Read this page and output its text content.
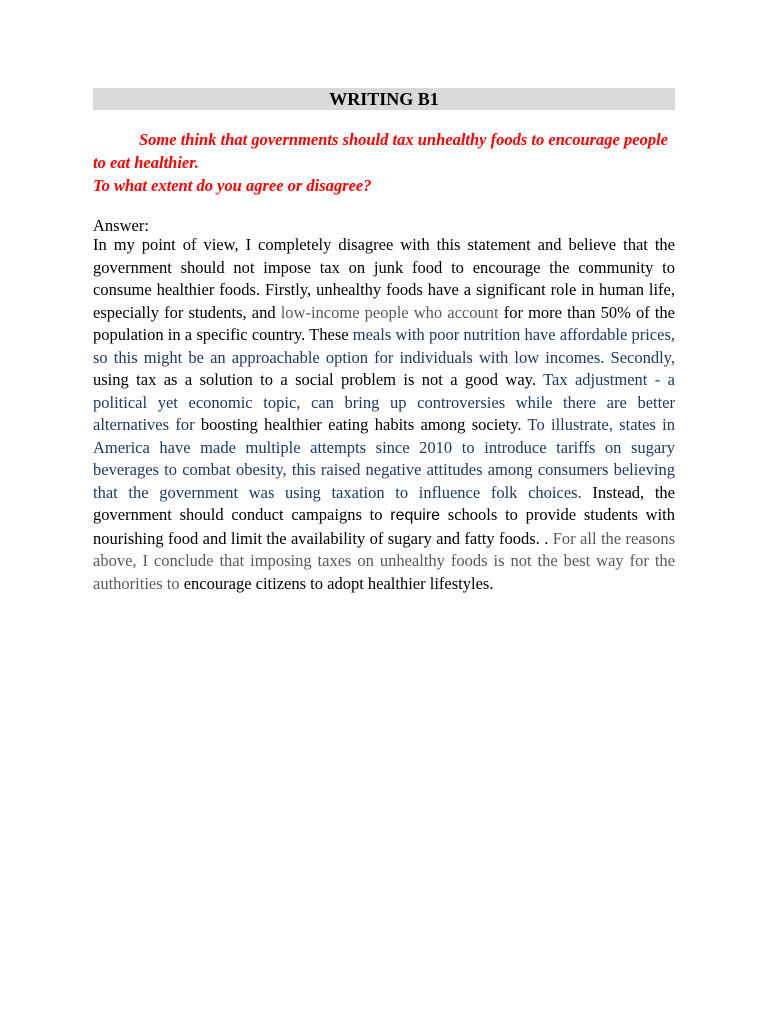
WRITING B1

Some think that governments should tax unhealthy foods to encourage people to eat healthier.

To what extent do you agree or disagree?

Answer:

In my point of view, I completely disagree with this statement and believe that the government should not impose tax on junk food to encourage the community to consume healthier foods. Firstly, unhealthy foods have a significant role in human life, especially for students, and low-income people who account for more than 50% of the population in a specific country. These meals with poor nutrition have affordable prices, so this might be an approachable option for individuals with low incomes. Secondly, using tax as a solution to a social problem is not a good way. Tax adjustment - a political yet economic topic, can bring up controversies while there are better alternatives for boosting healthier eating habits among society. To illustrate, states in America have made multiple attempts since 2010 to introduce tariffs on sugary beverages to combat obesity, this raised negative attitudes among consumers believing that the government was using taxation to influence folk choices. Instead, the government should conduct campaigns to require schools to provide students with nourishing food and limit the availability of sugary and fatty foods. . For all the reasons above, I conclude that imposing taxes on unhealthy foods is not the best way for the authorities to encourage citizens to adopt healthier lifestyles.
